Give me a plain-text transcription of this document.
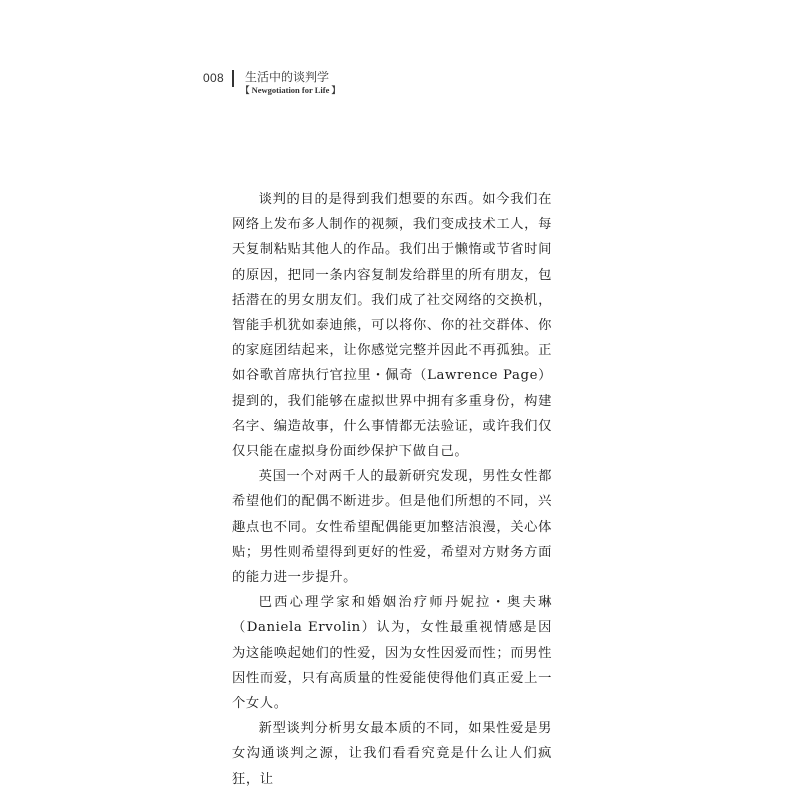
008 生活中的谈判学
【 Newgotiation for Life 】

谈判的目的是得到我们想要的东西。如今我们在网络上发布多人制作的视频，我们变成技术工人，每天复制粘贴其他人的作品。我们出于懒惰或节省时间的原因，把同一条内容复制发给群里的所有朋友，包括潜在的男女朋友们。我们成了社交网络的交换机，智能手机犹如泰迪熊，可以将你、你的社交群体、你的家庭团结起来，让你感觉完整并因此不再孤独。正如谷歌首席执行官拉里・佩奇（Lawrence Page）提到的，我们能够在虚拟世界中拥有多重身份，构建名字、编造故事，什么事情都无法验证，或许我们仅仅只能在虚拟身份面纱保护下做自己。

英国一个对两千人的最新研究发现，男性女性都希望他们的配偶不断进步。但是他们所想的不同，兴趣点也不同。女性希望配偶能更加整洁浪漫，关心体贴；男性则希望得到更好的性爱，希望对方财务方面的能力进一步提升。

巴西心理学家和婚姻治疗师丹妮拉・奥夫琳（Daniela Ervolin）认为，女性最重视情感是因为这能唤起她们的性爱，因为女性因爱而性；而男性因性而爱，只有高质量的性爱能使得他们真正爱上一个女人。

新型谈判分析男女最本质的不同，如果性爱是男女沟通谈判之源，让我们看看究竟是什么让人们疯狂，让
